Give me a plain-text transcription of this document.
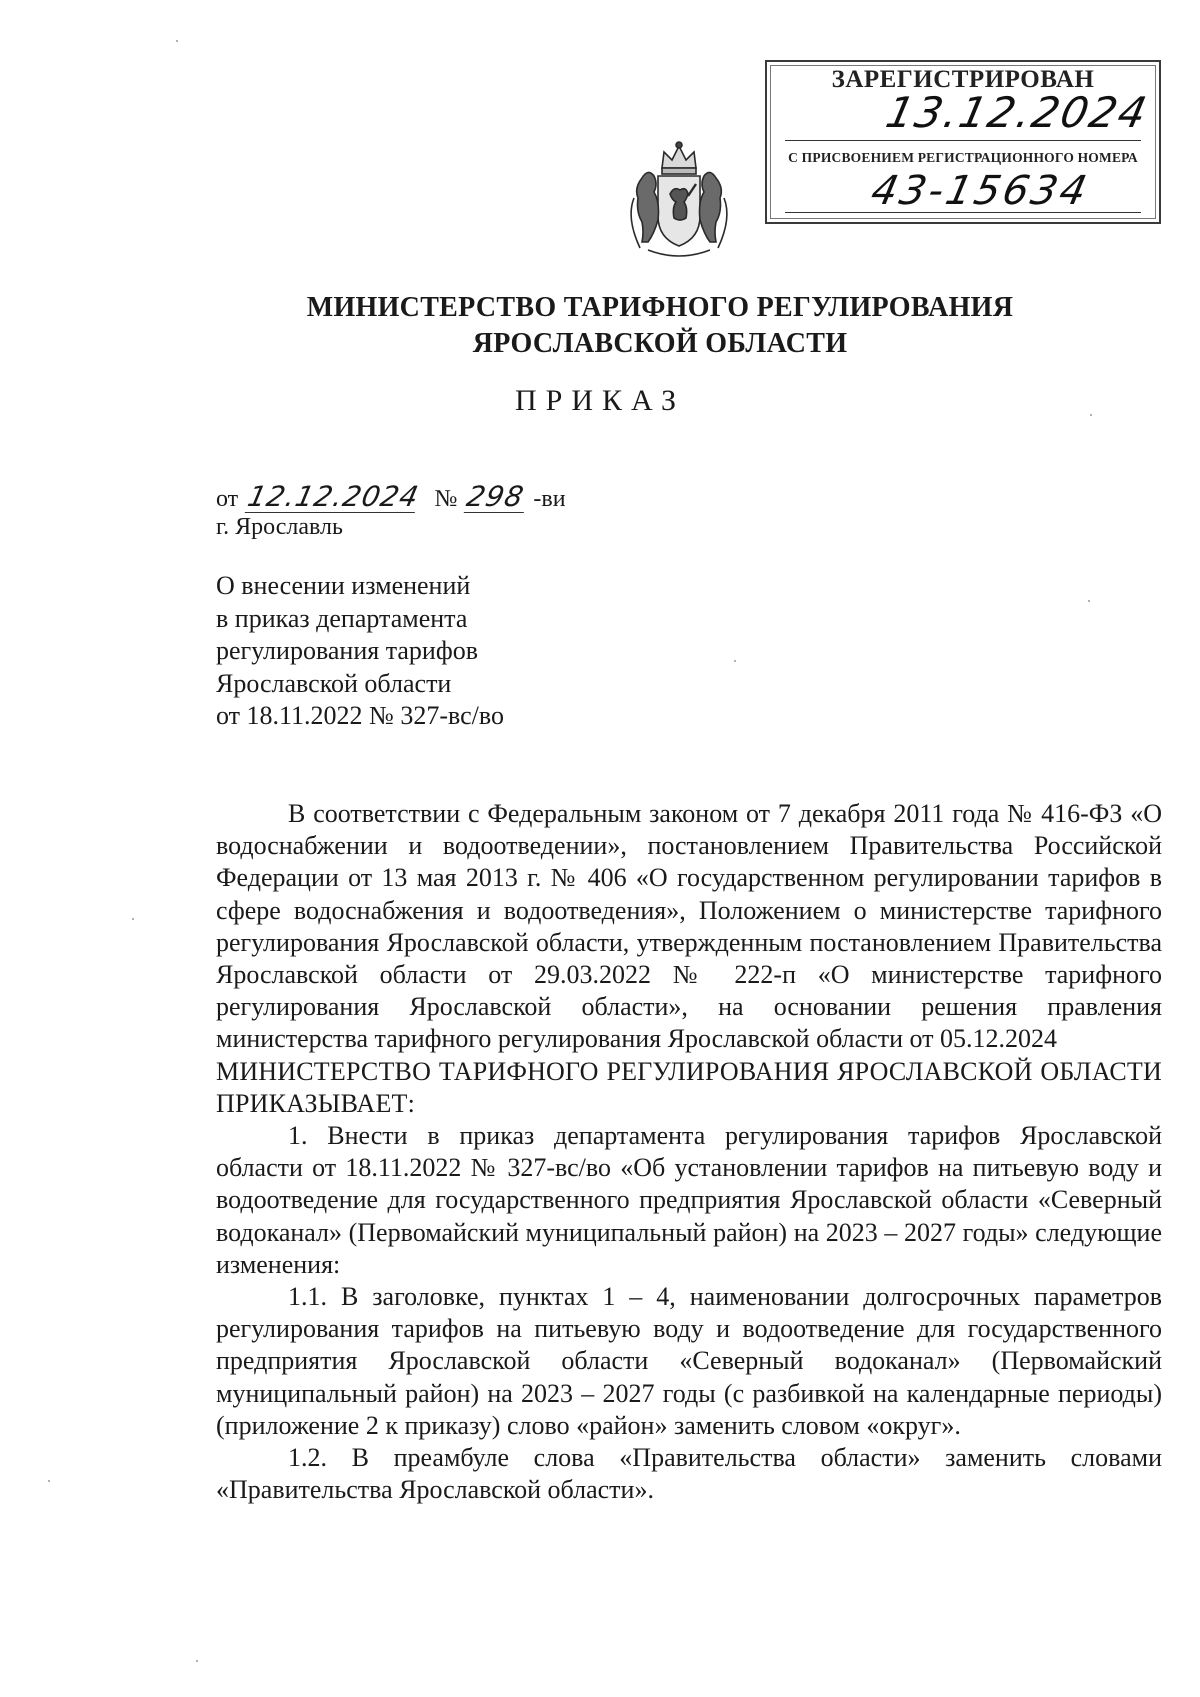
ЗАРЕГИСТРИРОВАН
13.12.2024
С ПРИСВОЕНИЕМ РЕГИСТРАЦИОННОГО НОМЕРА
43-15634
МИНИСТЕРСТВО ТАРИФНОГО РЕГУЛИРОВАНИЯ
ЯРОСЛАВСКОЙ ОБЛАСТИ
ПРИКАЗ
от 12.12.2024 № 298 -ви
г. Ярославль
О внесении изменений
в приказ департамента
регулирования тарифов
Ярославской области
от 18.11.2022 № 327-вс/во

В соответствии с Федеральным законом от 7 декабря 2011 года № 416-ФЗ «О водоснабжении и водоотведении», постановлением Правительства Российской Федерации от 13 мая 2013 г. № 406 «О государственном регулировании тарифов в сфере водоснабжения и водоотведения», Положением о министерстве тарифного регулирования Ярославской области, утвержденным постановлением Правительства Ярославской области от 29.03.2022 № 222-п «О министерстве тарифного регулирования Ярославской области», на основании решения правления министерства тарифного регулирования Ярославской области от 05.12.2024

МИНИСТЕРСТВО ТАРИФНОГО РЕГУЛИРОВАНИЯ ЯРОСЛАВСКОЙ ОБЛАСТИ ПРИКАЗЫВАЕТ:

1. Внести в приказ департамента регулирования тарифов Ярославской области от 18.11.2022 № 327-вс/во «Об установлении тарифов на питьевую воду и водоотведение для государственного предприятия Ярославской области «Северный водоканал» (Первомайский муниципальный район) на 2023 – 2027 годы» следующие изменения:

1.1. В заголовке, пунктах 1 – 4, наименовании долгосрочных параметров регулирования тарифов на питьевую воду и водоотведение для государственного предприятия Ярославской области «Северный водоканал» (Первомайский муниципальный район) на 2023 – 2027 годы (с разбивкой на календарные периоды) (приложение 2 к приказу) слово «район» заменить словом «округ».

1.2. В преамбуле слова «Правительства области» заменить словами «Правительства Ярославской области».
